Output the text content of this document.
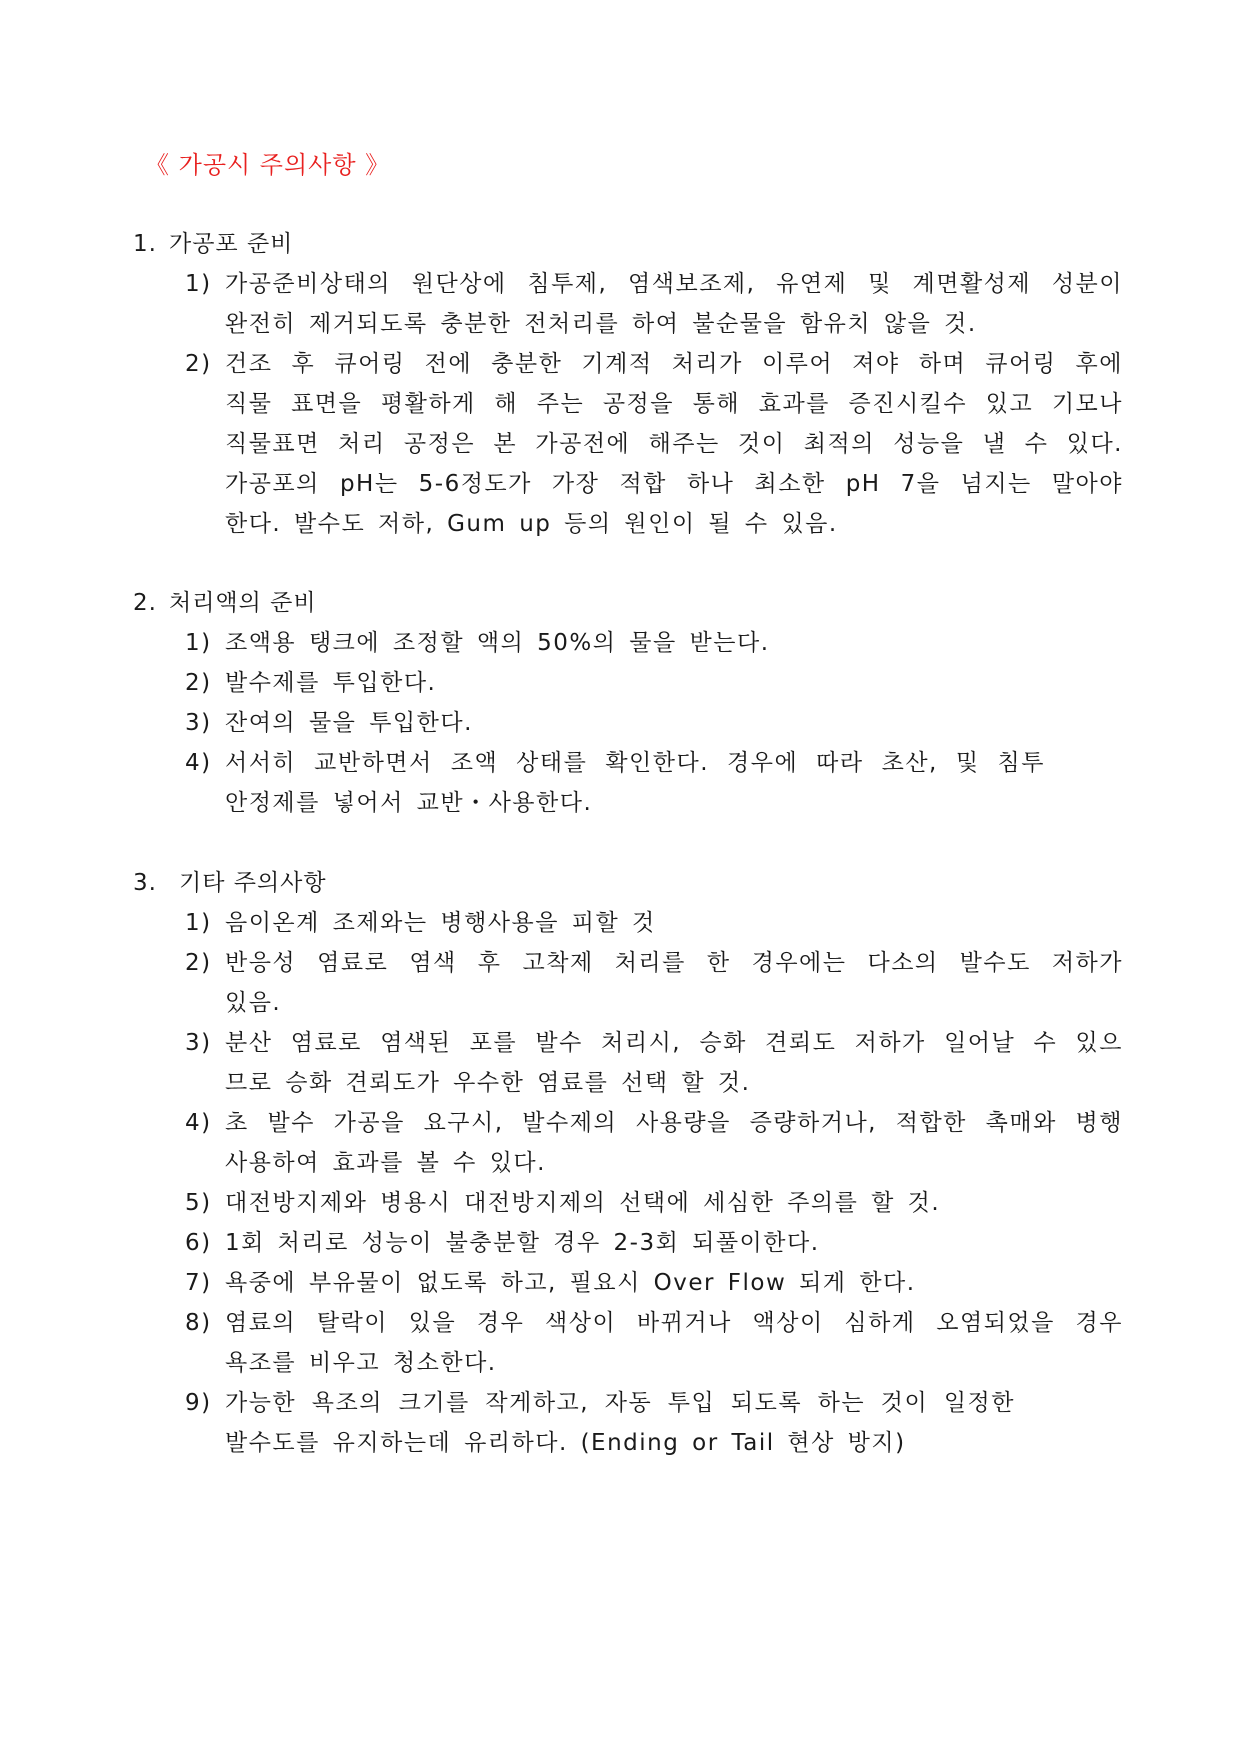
《 가공시 주의사항 》
1. 가공포 준비
1) 가공준비상태의 원단상에 침투제, 염색보조제, 유연제 및 계면활성제 성분이
완전히 제거되도록 충분한 전처리를 하여 불순물을 함유치 않을 것.
2) 건조 후 큐어링 전에 충분한 기계적 처리가 이루어 져야 하며 큐어링 후에
직물 표면을 평활하게 해 주는 공정을 통해 효과를 증진시킬수 있고 기모나
직물표면 처리 공정은 본 가공전에 해주는 것이 최적의 성능을 낼 수 있다.
가공포의 pH는 5-6정도가 가장 적합 하나 최소한 pH 7을 넘지는 말아야
한다. 발수도 저하, Gum up 등의 원인이 될 수 있음.
2. 처리액의 준비
1) 조액용 탱크에 조정할 액의 50%의 물을 받는다.
2) 발수제를 투입한다.
3) 잔여의 물을 투입한다.
4) 서서히 교반하면서 조액 상태를 확인한다. 경우에 따라 초산, 및 침투
안정제를 넣어서 교반・사용한다.
3. 기타 주의사항
1) 음이온계 조제와는 병행사용을 피할 것
2) 반응성 염료로 염색 후 고착제 처리를 한 경우에는 다소의 발수도 저하가
있음.
3) 분산 염료로 염색된 포를 발수 처리시, 승화 견뢰도 저하가 일어날 수 있으
므로 승화 견뢰도가 우수한 염료를 선택 할 것.
4) 초 발수 가공을 요구시, 발수제의 사용량을 증량하거나, 적합한 촉매와 병행
사용하여 효과를 볼 수 있다.
5) 대전방지제와 병용시 대전방지제의 선택에 세심한 주의를 할 것.
6) 1회 처리로 성능이 불충분할 경우 2-3회 되풀이한다.
7) 욕중에 부유물이 없도록 하고, 필요시 Over Flow 되게 한다.
8) 염료의 탈락이 있을 경우 색상이 바뀌거나 액상이 심하게 오염되었을 경우
욕조를 비우고 청소한다.
9) 가능한 욕조의 크기를 작게하고, 자동 투입 되도록 하는 것이 일정한
발수도를 유지하는데 유리하다. (Ending or Tail 현상 방지)
